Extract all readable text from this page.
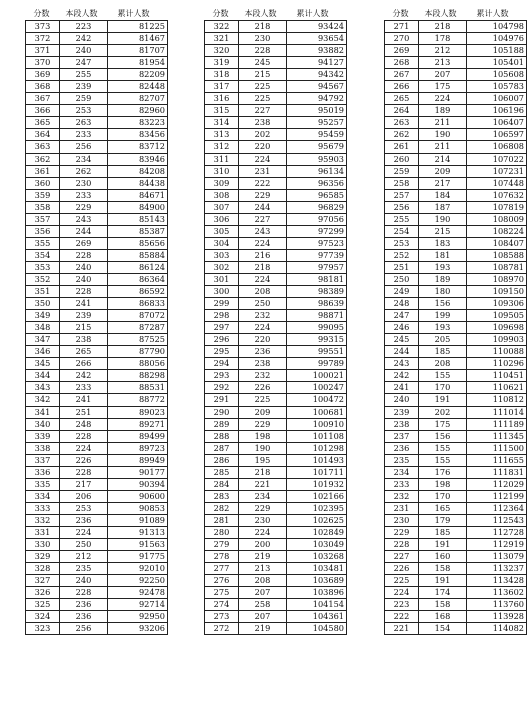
分数	本段人数	累计人数
373	223	81225
372	242	81467
371	240	81707
370	247	81954
369	255	82209
368	239	82448
367	259	82707
366	253	82960
365	263	83223
364	233	83456
363	256	83712
362	234	83946
361	262	84208
360	230	84438
359	233	84671
358	229	84900
357	243	85143
356	244	85387
355	269	85656
354	228	85884
353	240	86124
352	240	86364
351	228	86592
350	241	86833
349	239	87072
348	215	87287
347	238	87525
346	265	87790
345	266	88056
344	242	88298
343	233	88531
342	241	88772
341	251	89023
340	248	89271
339	228	89499
338	224	89723
337	226	89949
336	228	90177
335	217	90394
334	206	90600
333	253	90853
332	236	91089
331	224	91313
330	250	91563
329	212	91775
328	235	92010
327	240	92250
326	228	92478
325	236	92714
324	236	92950
323	256	93206
分数	本段人数	累计人数
322	218	93424
321	230	93654
320	228	93882
319	245	94127
318	215	94342
317	225	94567
316	225	94792
315	227	95019
314	238	95257
313	202	95459
312	220	95679
311	224	95903
310	231	96134
309	222	96356
308	229	96585
307	244	96829
306	227	97056
305	243	97299
304	224	97523
303	216	97739
302	218	97957
301	224	98181
300	208	98389
299	250	98639
298	232	98871
297	224	99095
296	220	99315
295	236	99551
294	238	99789
293	232	100021
292	226	100247
291	225	100472
290	209	100681
289	229	100910
288	198	101108
287	190	101298
286	195	101493
285	218	101711
284	221	101932
283	234	102166
282	229	102395
281	230	102625
280	224	102849
279	200	103049
278	219	103268
277	213	103481
276	208	103689
275	207	103896
274	258	104154
273	207	104361
272	219	104580
分数	本段人数	累计人数
271	218	104798
270	178	104976
269	212	105188
268	213	105401
267	207	105608
266	175	105783
265	224	106007
264	189	106196
263	211	106407
262	190	106597
261	211	106808
260	214	107022
259	209	107231
258	217	107448
257	184	107632
256	187	107819
255	190	108009
254	215	108224
253	183	108407
252	181	108588
251	193	108781
250	189	108970
249	180	109150
248	156	109306
247	199	109505
246	193	109698
245	205	109903
244	185	110088
243	208	110296
242	155	110451
241	170	110621
240	191	110812
239	202	111014
238	175	111189
237	156	111345
236	155	111500
235	155	111655
234	176	111831
233	198	112029
232	170	112199
231	165	112364
230	179	112543
229	185	112728
228	191	112919
227	160	113079
226	158	113237
225	191	113428
224	174	113602
223	158	113760
222	168	113928
221	154	114082
